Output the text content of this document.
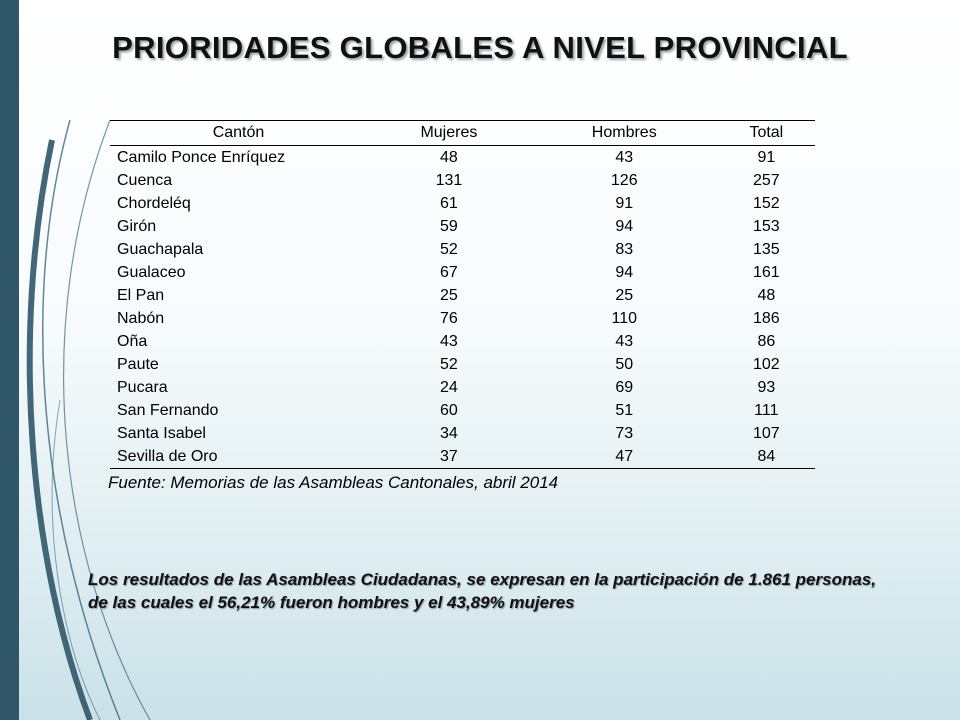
PRIORIDADES GLOBALES A NIVEL PROVINCIAL
Cantón	Mujeres	Hombres	Total
Camilo Ponce Enríquez	48	43	91
Cuenca	131	126	257
Chordeléq	61	91	152
Girón	59	94	153
Guachapala	52	83	135
Gualaceo	67	94	161
El Pan	25	25	48
Nabón	76	110	186
Oña	43	43	86
Paute	52	50	102
Pucara	24	69	93
San Fernando	60	51	111
Santa Isabel	34	73	107
Sevilla de Oro	37	47	84
Fuente: Memorias de las Asambleas Cantonales, abril 2014
Los resultados de las Asambleas Ciudadanas, se expresan en la participación de 1.861 personas, de las cuales el 56,21% fueron hombres y el 43,89% mujeres
